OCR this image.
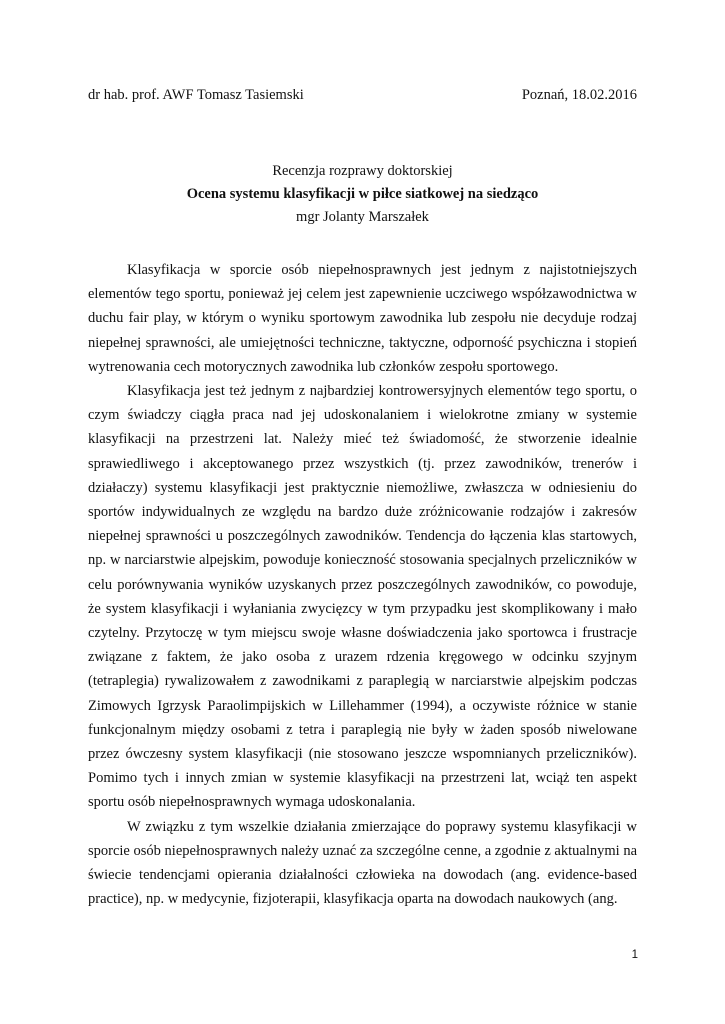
dr hab. prof. AWF Tomasz Tasiemski	Poznań, 18.02.2016
Recenzja rozprawy doktorskiej
Ocena systemu klasyfikacji w piłce siatkowej na siedząco
mgr Jolanty Marszałek

Klasyfikacja w sporcie osób niepełnosprawnych jest jednym z najistotniejszych elementów tego sportu, ponieważ jej celem jest zapewnienie uczciwego współzawodnictwa w duchu fair play, w którym o wyniku sportowym zawodnika lub zespołu nie decyduje rodzaj niepełnej sprawności, ale umiejętności techniczne, taktyczne, odporność psychiczna i stopień wytrenowania cech motorycznych zawodnika lub członków zespołu sportowego.

Klasyfikacja jest też jednym z najbardziej kontrowersyjnych elementów tego sportu, o czym świadczy ciągła praca nad jej udoskonalaniem i wielokrotne zmiany w systemie klasyfikacji na przestrzeni lat. Należy mieć też świadomość, że stworzenie idealnie sprawiedliwego i akceptowanego przez wszystkich (tj. przez zawodników, trenerów i działaczy) systemu klasyfikacji jest praktycznie niemożliwe, zwłaszcza w odniesieniu do sportów indywidualnych ze względu na bardzo duże zróżnicowanie rodzajów i zakresów niepełnej sprawności u poszczególnych zawodników. Tendencja do łączenia klas startowych, np. w narciarstwie alpejskim, powoduje konieczność stosowania specjalnych przeliczników w celu porównywania wyników uzyskanych przez poszczególnych zawodników, co powoduje, że system klasyfikacji i wyłaniania zwycięzcy w tym przypadku jest skomplikowany i mało czytelny. Przytoczę w tym miejscu swoje własne doświadczenia jako sportowca i frustracje związane z faktem, że jako osoba z urazem rdzenia kręgowego w odcinku szyjnym (tetraplegia) rywalizowałem z zawodnikami z paraplegią w narciarstwie alpejskim podczas Zimowych Igrzysk Paraolimpijskich w Lillehammer (1994), a oczywiste różnice w stanie funkcjonalnym między osobami z tetra i paraplegią nie były w żaden sposób niwelowane przez ówczesny system klasyfikacji (nie stosowano jeszcze wspomnianych przeliczników). Pomimo tych i innych zmian w systemie klasyfikacji na przestrzeni lat, wciąż ten aspekt sportu osób niepełnosprawnych wymaga udoskonalania.

W związku z tym wszelkie działania zmierzające do poprawy systemu klasyfikacji w sporcie osób niepełnosprawnych należy uznać za szczególne cenne, a zgodnie z aktualnymi na świecie tendencjami opierania działalności człowieka na dowodach (ang. evidence-based practice), np. w medycynie, fizjoterapii, klasyfikacja oparta na dowodach naukowych (ang.

1
